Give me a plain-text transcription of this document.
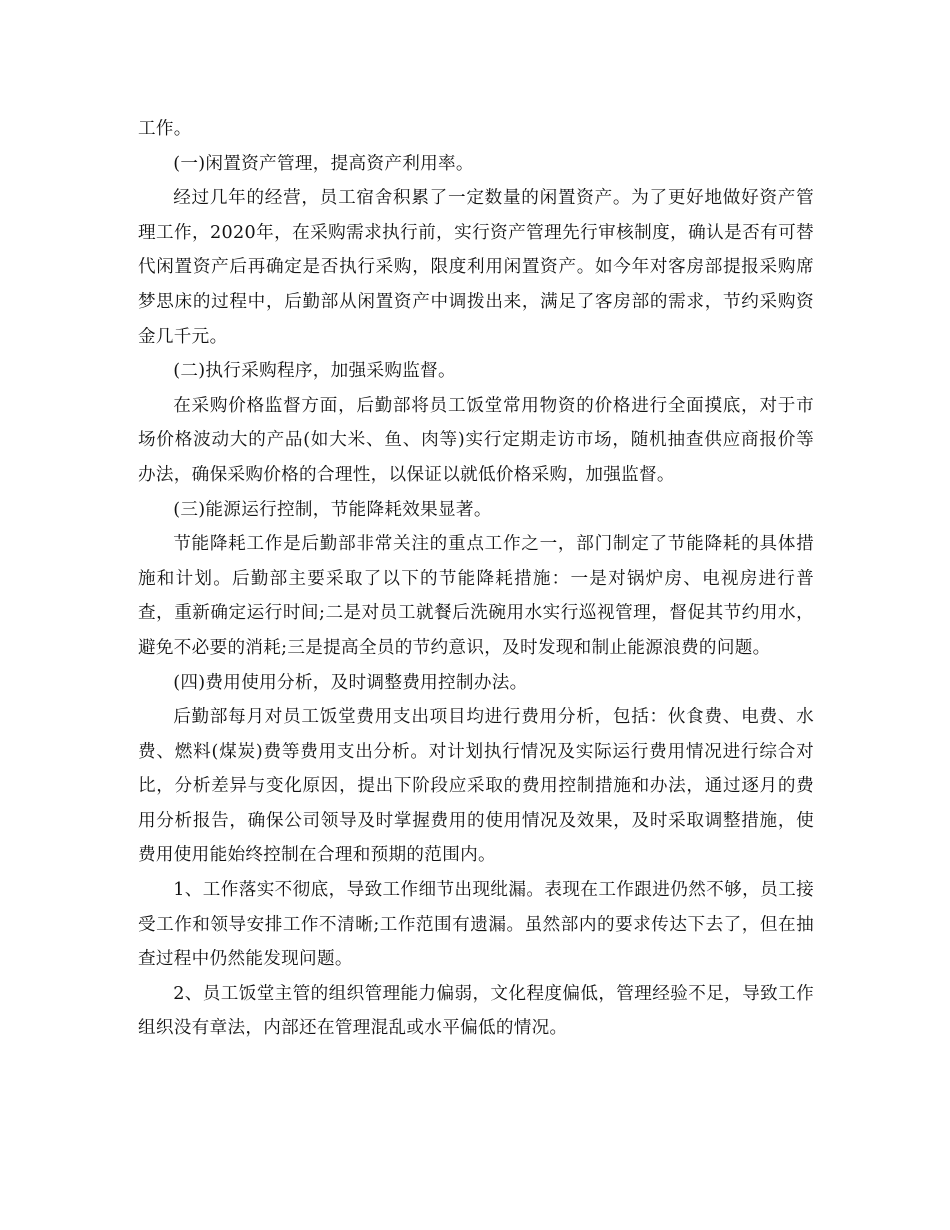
工作。

(一)闲置资产管理，提高资产利用率。

经过几年的经营，员工宿舍积累了一定数量的闲置资产。为了更好地做好资产管理工作，2020年，在采购需求执行前，实行资产管理先行审核制度，确认是否有可替代闲置资产后再确定是否执行采购，限度利用闲置资产。如今年对客房部提报采购席梦思床的过程中，后勤部从闲置资产中调拨出来，满足了客房部的需求，节约采购资金几千元。

(二)执行采购程序，加强采购监督。

在采购价格监督方面，后勤部将员工饭堂常用物资的价格进行全面摸底，对于市场价格波动大的产品(如大米、鱼、肉等)实行定期走访市场，随机抽查供应商报价等办法，确保采购价格的合理性，以保证以就低价格采购，加强监督。

(三)能源运行控制，节能降耗效果显著。

节能降耗工作是后勤部非常关注的重点工作之一，部门制定了节能降耗的具体措施和计划。后勤部主要采取了以下的节能降耗措施：一是对锅炉房、电视房进行普查，重新确定运行时间;二是对员工就餐后洗碗用水实行巡视管理，督促其节约用水，避免不必要的消耗;三是提高全员的节约意识，及时发现和制止能源浪费的问题。

(四)费用使用分析，及时调整费用控制办法。

后勤部每月对员工饭堂费用支出项目均进行费用分析，包括：伙食费、电费、水费、燃料(煤炭)费等费用支出分析。对计划执行情况及实际运行费用情况进行综合对比，分析差异与变化原因，提出下阶段应采取的费用控制措施和办法，通过逐月的费用分析报告，确保公司领导及时掌握费用的使用情况及效果，及时采取调整措施，使费用使用能始终控制在合理和预期的范围内。

1、工作落实不彻底，导致工作细节出现纰漏。表现在工作跟进仍然不够，员工接受工作和领导安排工作不清晰;工作范围有遗漏。虽然部内的要求传达下去了，但在抽查过程中仍然能发现问题。

2、员工饭堂主管的组织管理能力偏弱，文化程度偏低，管理经验不足，导致工作组织没有章法，内部还在管理混乱或水平偏低的情况。
